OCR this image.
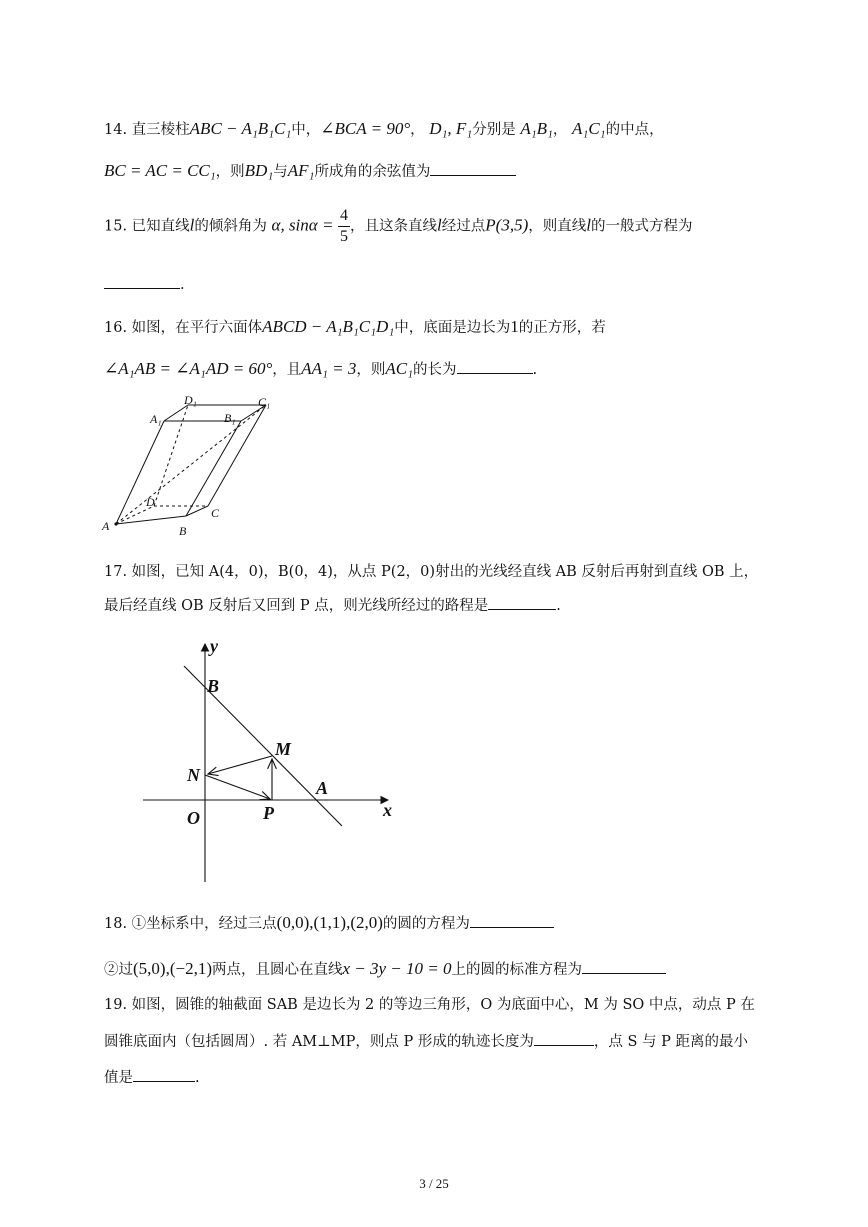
14. 直三棱柱ABC − A₁B₁C₁中，∠BCA = 90°， D₁, F₁分别是 A₁B₁， A₁C₁的中点，
BC = AC = CC₁，则BD₁与AF₁所成角的余弦值为
15. 已知直线l的倾斜角为 α, $\sin\alpha = \frac{4}{5}$ ，且这条直线l经过点P(3,5)，则直线l的一般式方程为
.
16. 如图，在平行六面体ABCD − A₁B₁C₁D₁中，底面是边长为1的正方形，若
∠A₁AB = ∠A₁AD = 60°，且AA₁ = 3，则AC₁的长为	.
A₁
D₁
B₁
C₁
A
D
B
C
17. 如图，已知 A(4，0)，B(0，4)，从点 P(2，0)射出的光线经直线 AB 反射后再射到直线 OB 上，
最后经直线 OB 反射后又回到 P 点，则光线所经过的路程是	.
y
x
B
M
N
A
O	P
18. ①坐标系中，经过三点(0,0),(1,1),(2,0)的圆的方程为
②过(5,0),(−2,1)两点，且圆心在直线x − 3y − 10 = 0上的圆的标准方程为
19. 如图，圆锥的轴截面 SAB 是边长为 2 的等边三角形，O 为底面中心，M 为 SO 中点，动点 P 在
圆锥底面内（包括圆周）. 若 AM⊥MP，则点 P 形成的轨迹长度为	，点 S 与 P 距离的最小
值是	.
3 / 25
